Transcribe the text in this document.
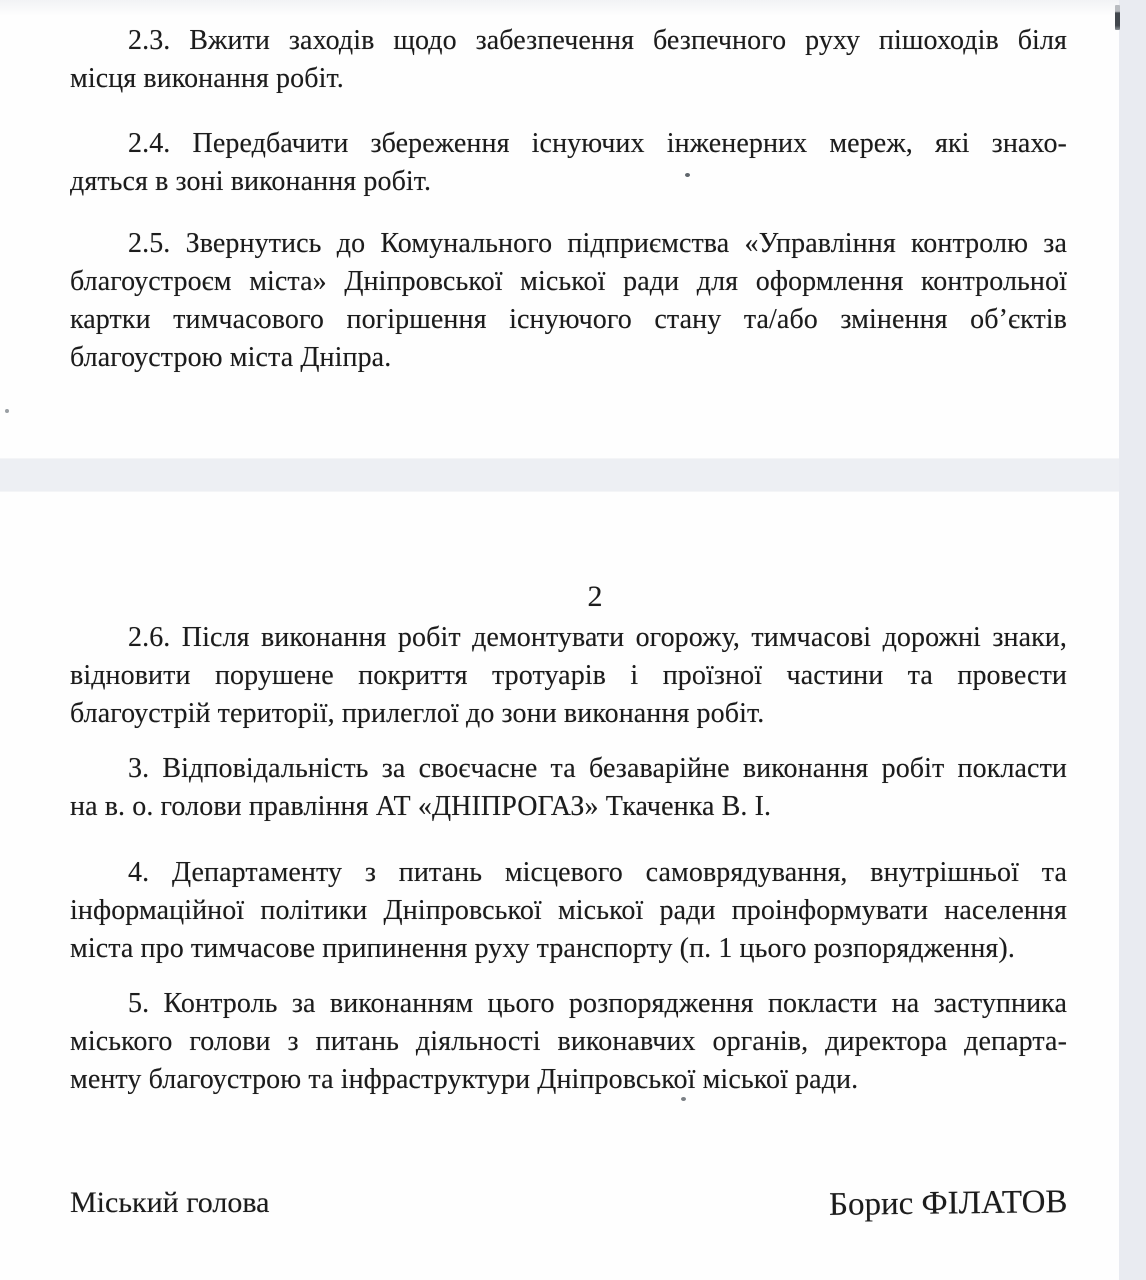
2.3. Вжити заходів щодо забезпечення безпечного руху пішоходів біля
місця виконання робіт.
2.4. Передбачити збереження існуючих інженерних мереж, які знахо-
дяться в зоні виконання робіт.
2.5. Звернутись до Комунального підприємства «Управління контролю за
благоустроєм міста» Дніпровської міської ради для оформлення контрольної
картки тимчасового погіршення існуючого стану та/або змінення об’єктів
благоустрою міста Дніпра.
2
2.6. Після виконання робіт демонтувати огорожу, тимчасові дорожні знаки,
відновити порушене покриття тротуарів і проїзної частини та провести
благоустрій території, прилеглої до зони виконання робіт.
3. Відповідальність за своєчасне та безаварійне виконання робіт покласти
на в. о. голови правління АТ «ДНІПРОГАЗ» Ткаченка В. І.
4. Департаменту з питань місцевого самоврядування, внутрішньої та
інформаційної політики Дніпровської міської ради проінформувати населення
міста про тимчасове припинення руху транспорту (п. 1 цього розпорядження).
5. Контроль за виконанням цього розпорядження покласти на заступника
міського голови з питань діяльності виконавчих органів, директора департа-
менту благоустрою та інфраструктури Дніпровської міської ради.
Міський голова	Борис ФІЛАТОВ
